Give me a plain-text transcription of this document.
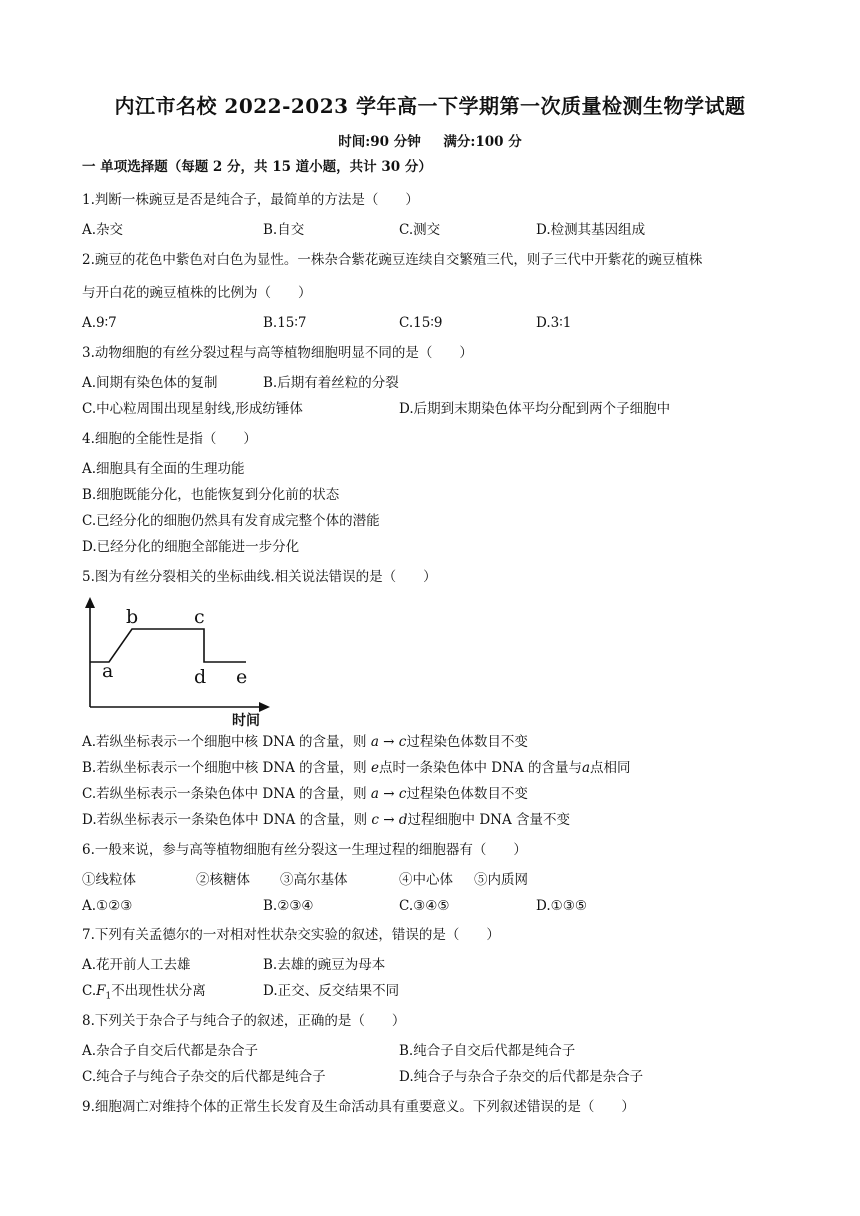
内江市名校 2022-2023 学年高一下学期第一次质量检测生物学试题
时间:90 分钟 满分:100 分
一 单项选择题（每题 2 分，共 15 道小题，共计 30 分）
1.判断一株豌豆是否是纯合子，最简单的方法是（　　）
A.杂交	B.自交	C.测交	D.检测其基因组成
2.豌豆的花色中紫色对白色为显性。一株杂合紫花豌豆连续自交繁殖三代，则子三代中开紫花的豌豆植株
与开白花的豌豆植株的比例为（　　）
A.9∶7	B.15∶7	C.15∶9	D.3∶1
3.动物细胞的有丝分裂过程与高等植物细胞明显不同的是（　　）
A.间期有染色体的复制	B.后期有着丝粒的分裂
C.中心粒周围出现星射线,形成纺锤体	D.后期到末期染色体平均分配到两个子细胞中
4.细胞的全能性是指（　　）
A.细胞具有全面的生理功能
B.细胞既能分化，也能恢复到分化前的状态
C.已经分化的细胞仍然具有发育成完整个体的潜能
D.已经分化的细胞全部能进一步分化
5.图为有丝分裂相关的坐标曲线.相关说法错误的是（　　）
a
b	c
d e
时间
A.若纵坐标表示一个细胞中核 DNA 的含量，则 a → c过程染色体数目不变
B.若纵坐标表示一个细胞中核 DNA 的含量，则 e点时一条染色体中 DNA 的含量与a点相同
C.若纵坐标表示一条染色体中 DNA 的含量，则 a → c过程染色体数目不变
D.若纵坐标表示一条染色体中 DNA 的含量，则 c → d过程细胞中 DNA 含量不变
6.一般来说，参与高等植物细胞有丝分裂这一生理过程的细胞器有（　　）
①线粒体	②核糖体 ③高尔基体	④中心体 ⑤内质网
A.①②③	B.②③④	C.③④⑤	D.①③⑤
7.下列有关孟德尔的一对相对性状杂交实验的叙述，错误的是（　　）
A.花开前人工去雄	B.去雄的豌豆为母本
$C.F_1$不出现性状分离	D.正交、反交结果不同
8.下列关于杂合子与纯合子的叙述，正确的是（　　）
A.杂合子自交后代都是杂合子	B.纯合子自交后代都是纯合子
C.纯合子与纯合子杂交的后代都是纯合子	D.纯合子与杂合子杂交的后代都是杂合子
9.细胞凋亡对维持个体的正常生长发育及生命活动具有重要意义。下列叙述错误的是（　　）
